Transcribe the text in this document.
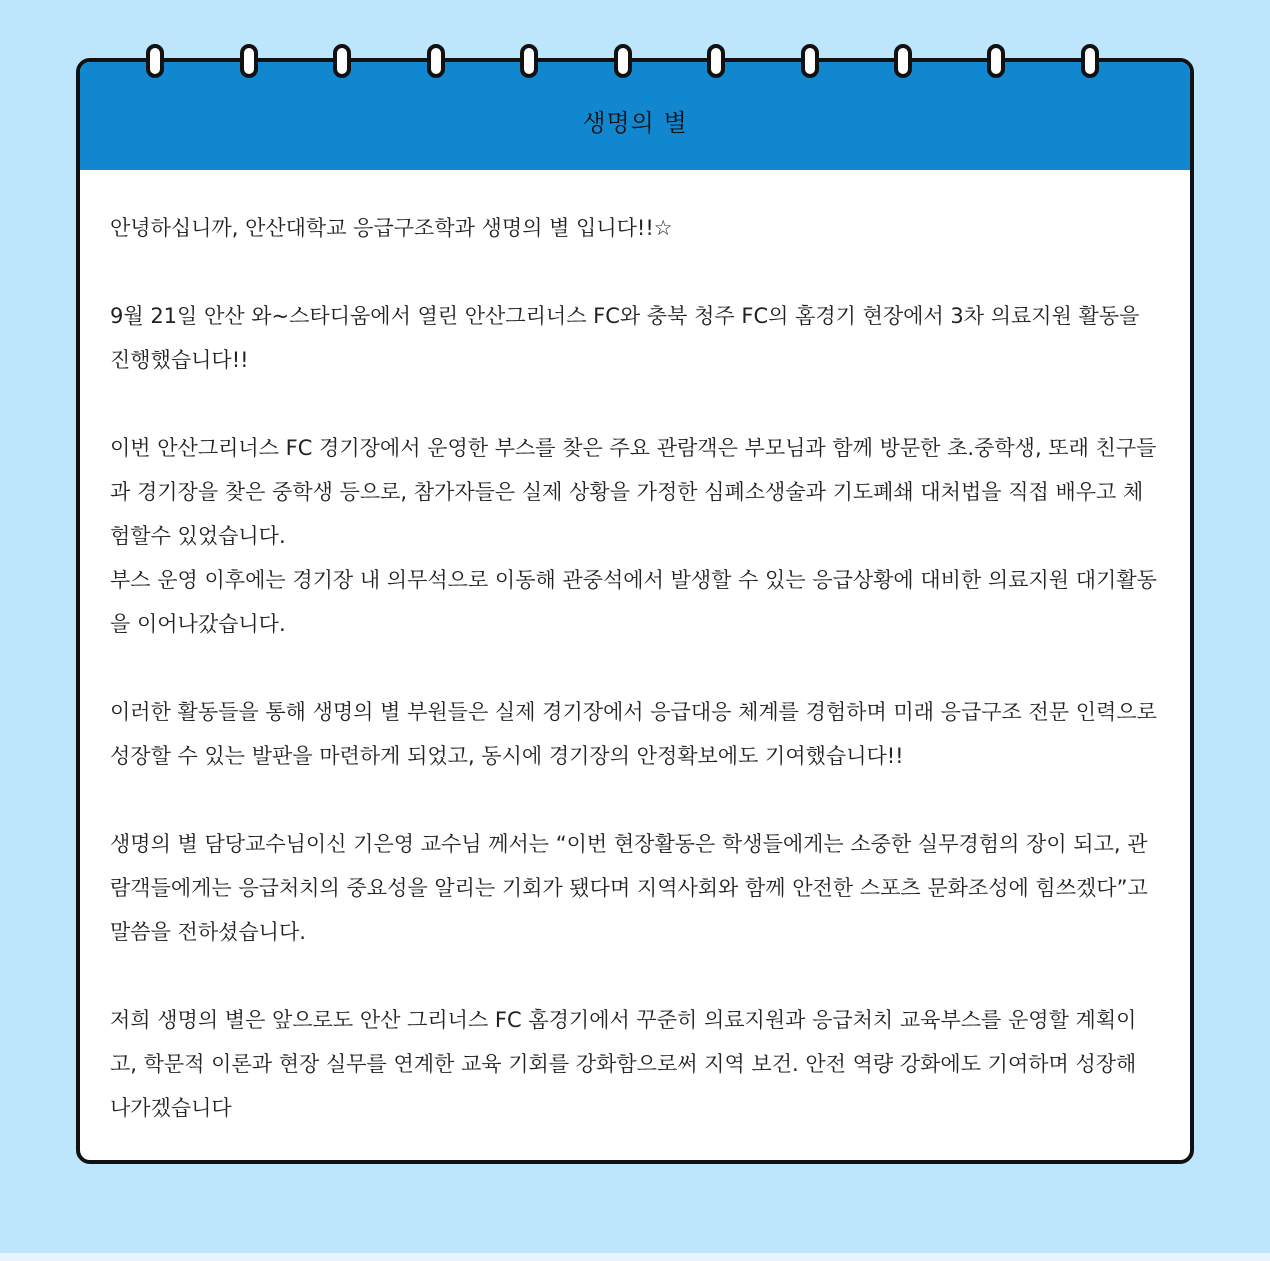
생명의 별

안녕하십니까, 안산대학교 응급구조학과 생명의 별 입니다!!☆

9월 21일 안산 와~스타디움에서 열린 안산그리너스 FC와 충북 청주 FC의 홈경기 현장에서 3차 의료지원 활동을 진행했습니다!!

이번 안산그리너스 FC 경기장에서 운영한 부스를 찾은 주요 관람객은 부모님과 함께 방문한 초.중학생, 또래 친구들과 경기장을 찾은 중학생 등으로, 참가자들은 실제 상황을 가정한 심폐소생술과 기도폐쇄 대처법을 직접 배우고 체험할수 있었습니다.
부스 운영 이후에는 경기장 내 의무석으로 이동해 관중석에서 발생할 수 있는 응급상황에 대비한 의료지원 대기활동을 이어나갔습니다.

이러한 활동들을 통해 생명의 별 부원들은 실제 경기장에서 응급대응 체계를 경험하며 미래 응급구조 전문 인력으로 성장할 수 있는 발판을 마련하게 되었고, 동시에 경기장의 안정확보에도 기여했습니다!!

생명의 별 담당교수님이신 기은영 교수님 께서는 “이번 현장활동은 학생들에게는 소중한 실무경험의 장이 되고, 관람객들에게는 응급처치의 중요성을 알리는 기회가 됐다며 지역사회와 함께 안전한 스포츠 문화조성에 힘쓰겠다”고 말씀을 전하셨습니다.

저희 생명의 별은 앞으로도 안산 그리너스 FC 홈경기에서 꾸준히 의료지원과 응급처치 교육부스를 운영할 계획이고, 학문적 이론과 현장 실무를 연계한 교육 기회를 강화함으로써 지역 보건. 안전 역량 강화에도 기여하며 성장해 나가겠습니다
